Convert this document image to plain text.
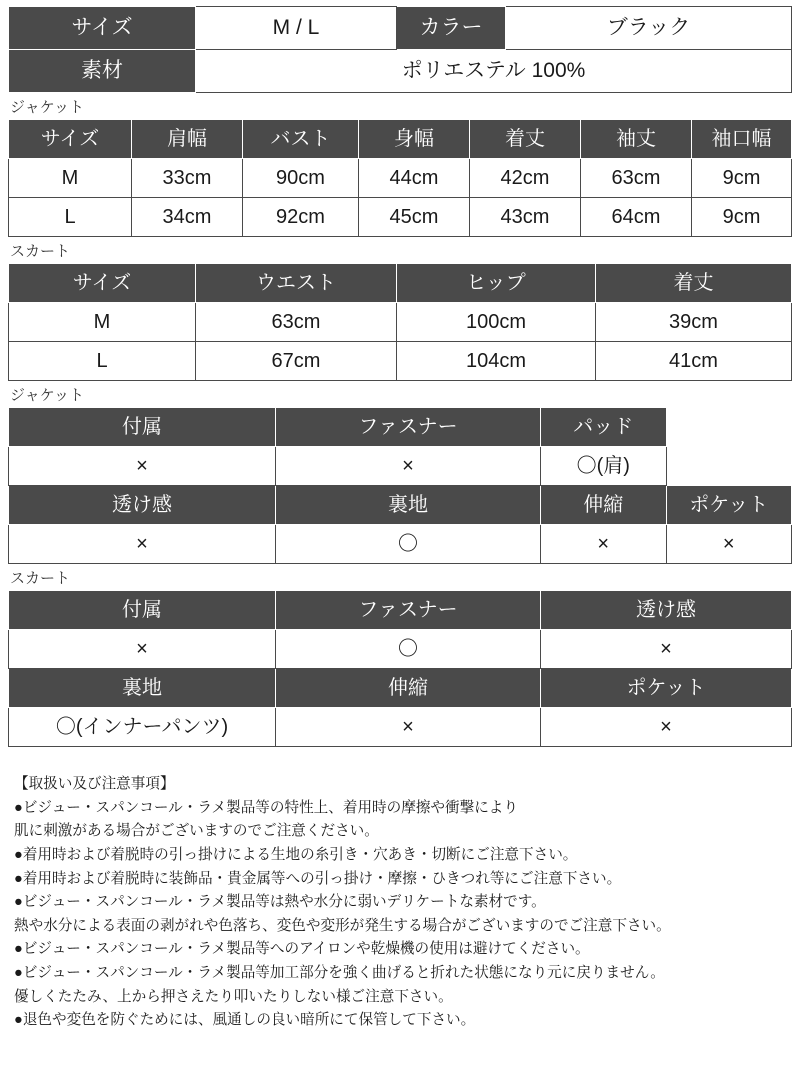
サイズ	M / L	カラー	ブラック
素材	ポリエステル 100%		
ジャケット
サイズ	肩幅	バスト	身幅	着丈	袖丈	袖口幅
M	33cm	90cm	44cm	42cm	63cm	9cm
L	34cm	92cm	45cm	43cm	64cm	9cm
スカート
サイズ	ウエスト	ヒップ	着丈
M	63cm	100cm	39cm
L	67cm	104cm	41cm
ジャケット
付属	ファスナー	パッド	
×	×	〇(肩)	
透け感	裏地	伸縮	ポケット
×	〇	×	×
スカート
付属	ファスナー	透け感
×	〇	×
裏地	伸縮	ポケット
〇(インナーパンツ)	×	×
【取扱い及び注意事項】
●ビジュー・スパンコール・ラメ製品等の特性上、着用時の摩擦や衝撃により
肌に刺激がある場合がございますのでご注意ください。
●着用時および着脱時の引っ掛けによる生地の糸引き・穴あき・切断にご注意下さい。
●着用時および着脱時に装飾品・貴金属等への引っ掛け・摩擦・ひきつれ等にご注意下さい。
●ビジュー・スパンコール・ラメ製品等は熱や水分に弱いデリケートな素材です。
熱や水分による表面の剥がれや色落ち、変色や変形が発生する場合がございますのでご注意下さい。
●ビジュー・スパンコール・ラメ製品等へのアイロンや乾燥機の使用は避けてください。
●ビジュー・スパンコール・ラメ製品等加工部分を強く曲げると折れた状態になり元に戻りません。
優しくたたみ、上から押さえたり叩いたりしない様ご注意下さい。
●退色や変色を防ぐためには、風通しの良い暗所にて保管して下さい。
